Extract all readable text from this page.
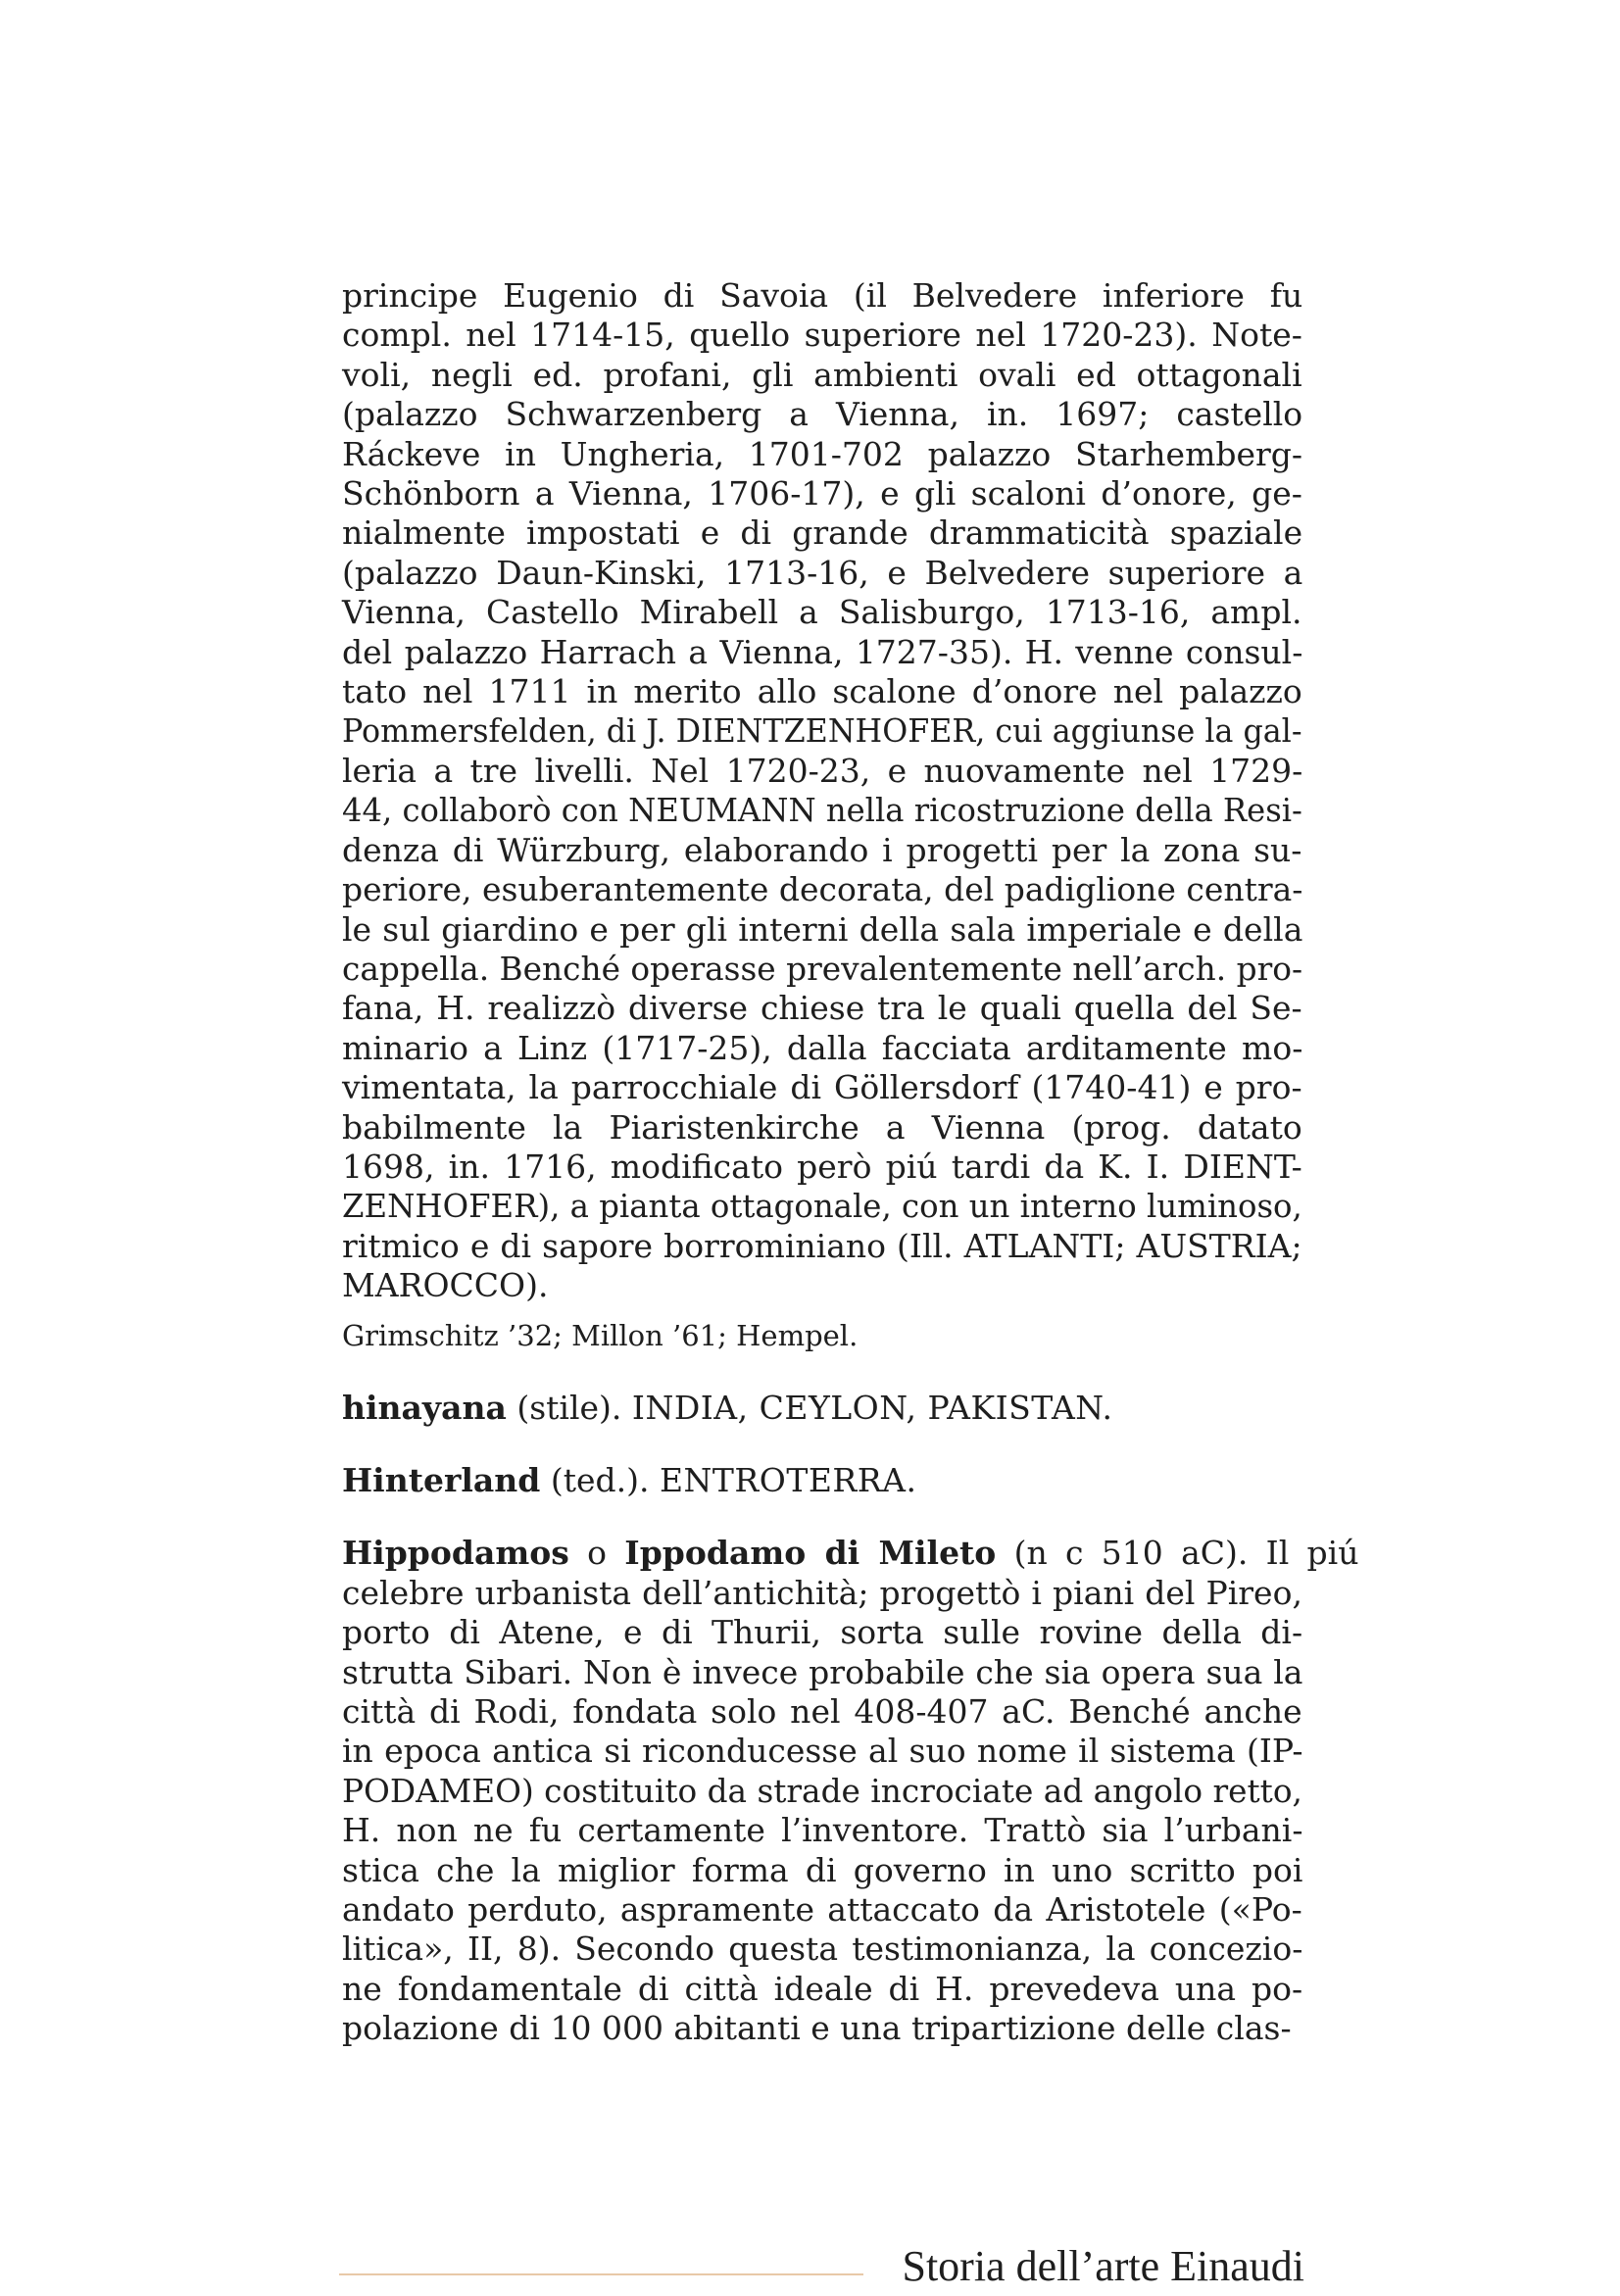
principe Eugenio di Savoia (il Belvedere inferiore fu
compl. nel 1714-15, quello superiore nel 1720-23). Note-
voli, negli ed. profani, gli ambienti ovali ed ottagonali
(palazzo Schwarzenberg a Vienna, in. 1697; castello
Ráckeve in Ungheria, 1701-702 palazzo Starhemberg-
Schönborn a Vienna, 1706-17), e gli scaloni d’onore, ge-
nialmente impostati e di grande drammaticità spaziale
(palazzo Daun-Kinski, 1713-16, e Belvedere superiore a
Vienna, Castello Mirabell a Salisburgo, 1713-16, ampl.
del palazzo Harrach a Vienna, 1727-35). H. venne consul-
tato nel 1711 in merito allo scalone d’onore nel palazzo
Pommersfelden, di J. DIENTZENHOFER, cui aggiunse la gal-
leria a tre livelli. Nel 1720-23, e nuovamente nel 1729-
44, collaborò con NEUMANN nella ricostruzione della Resi-
denza di Würzburg, elaborando i progetti per la zona su-
periore, esuberantemente decorata, del padiglione centra-
le sul giardino e per gli interni della sala imperiale e della
cappella. Benché operasse prevalentemente nell’arch. pro-
fana, H. realizzò diverse chiese tra le quali quella del Se-
minario a Linz (1717-25), dalla facciata arditamente mo-
vimentata, la parrocchiale di Göllersdorf (1740-41) e pro-
babilmente la Piaristenkirche a Vienna (prog. datato
1698, in. 1716, modificato però piú tardi da K. I. DIENT-
ZENHOFER), a pianta ottagonale, con un interno luminoso,
ritmico e di sapore borrominiano (Ill. ATLANTI; AUSTRIA;
MAROCCO).

Grimschitz ’32; Millon ’61; Hempel.

hinayana (stile). INDIA, CEYLON, PAKISTAN.

Hinterland (ted.). ENTROTERRA.

Hippodamos o Ippodamo di Mileto (n c 510 aC). Il piú
celebre urbanista dell’antichità; progettò i piani del Pireo,
porto di Atene, e di Thurii, sorta sulle rovine della di-
strutta Sibari. Non è invece probabile che sia opera sua la
città di Rodi, fondata solo nel 408-407 aC. Benché anche
in epoca antica si riconducesse al suo nome il sistema (IP-
PODAMEO) costituito da strade incrociate ad angolo retto,
H. non ne fu certamente l’inventore. Trattò sia l’urbani-
stica che la miglior forma di governo in uno scritto poi
andato perduto, aspramente attaccato da Aristotele («Po-
litica», II, 8). Secondo questa testimonianza, la concezio-
ne fondamentale di città ideale di H. prevedeva una po-
polazione di 10 000 abitanti e una tripartizione delle clas-

Storia dell’arte Einaudi
